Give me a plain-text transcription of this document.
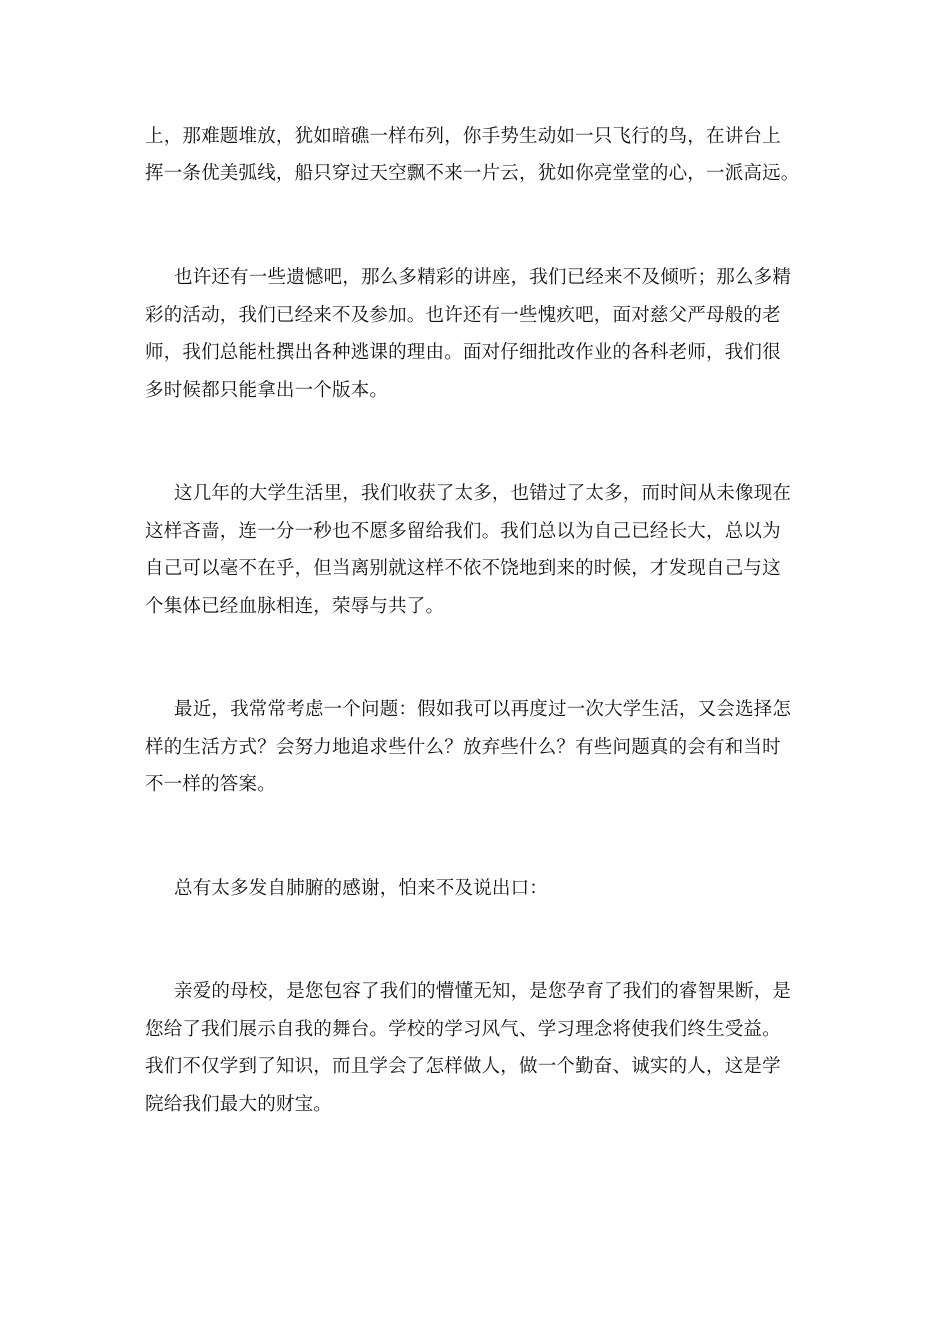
上，那难题堆放，犹如暗礁一样布列，你手势生动如一只飞行的鸟，在讲台上

挥一条优美弧线，船只穿过天空飘不来一片云，犹如你亮堂堂的心，一派高远。

也许还有一些遗憾吧，那么多精彩的讲座，我们已经来不及倾听；那么多精

彩的活动，我们已经来不及参加。也许还有一些愧疚吧，面对慈父严母般的老

师，我们总能杜撰出各种逃课的理由。面对仔细批改作业的各科老师，我们很

多时候都只能拿出一个版本。

这几年的大学生活里，我们收获了太多，也错过了太多，而时间从未像现在

这样吝啬，连一分一秒也不愿多留给我们。我们总以为自己已经长大，总以为

自己可以毫不在乎，但当离别就这样不依不饶地到来的时候，才发现自己与这

个集体已经血脉相连，荣辱与共了。

最近，我常常考虑一个问题：假如我可以再度过一次大学生活，又会选择怎

样的生活方式？会努力地追求些什么？放弃些什么？有些问题真的会有和当时

不一样的答案。

总有太多发自肺腑的感谢，怕来不及说出口：

亲爱的母校，是您包容了我们的懵懂无知，是您孕育了我们的睿智果断，是

您给了我们展示自我的舞台。学校的学习风气、学习理念将使我们终生受益。

我们不仅学到了知识，而且学会了怎样做人，做一个勤奋、诚实的人，这是学

院给我们最大的财宝。
